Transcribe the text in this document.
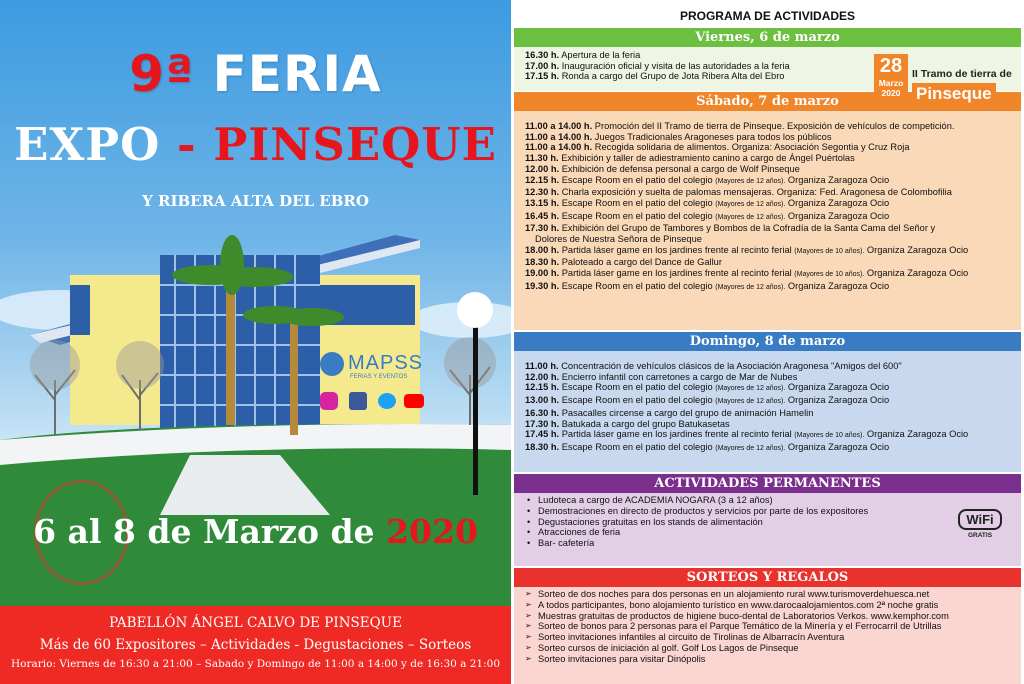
9ª FERIA
EXPO - PINSEQUE
Y RIBERA ALTA DEL EBRO
MAPSS
FERIAS Y EVENTOS
6 al 8 de Marzo de 2020
PABELLÓN ÁNGEL CALVO DE PINSEQUE
Más de 60 Expositores – Actividades - Degustaciones – Sorteos
Horario: Viernes de 16:30 a 21:00 – Sabado y Domingo de 11:00 a 14:00 y de 16:30 a 21:00
PROGRAMA DE ACTIVIDADES
Viernes, 6 de marzo
16.30 h. Apertura de la feria
17.00 h. Inauguración oficial y visita de las autoridades a la feria
17.15 h. Ronda a cargo del Grupo de Jota Ribera Alta del Ebro
Sábado, 7 de marzo
11.00 a 14.00 h. Promoción del II Tramo de tierra de Pinseque. Exposición de vehículos de competición.
11.00 a 14.00 h. Juegos Tradicionales Aragoneses para todos los públicos
11.00 a 14.00 h. Recogida solidaria de alimentos. Organiza: Asociación Segontia y Cruz Roja
11.30 h. Exhibición y taller de adiestramiento canino a cargo de Ángel Puértolas
12.00 h. Exhibición de defensa personal a cargo de Wolf Pinseque
12.15 h. Escape Room en el patio del colegio (Mayores de 12 años). Organiza Zaragoza Ocio
12.30 h. Charla exposición y suelta de palomas mensajeras. Organiza: Fed. Aragonesa de Colombofilia
13.15 h. Escape Room en el patio del colegio (Mayores de 12 años). Organiza Zaragoza Ocio
16.45 h. Escape Room en el patio del colegio (Mayores de 12 años). Organiza Zaragoza Ocio
17.30 h. Exhibición del Grupo de Tambores y Bombos de la Cofradía de la Santa Cama del Señor y
Dolores de Nuestra Señora de Pinseque
18.00 h. Partida láser game en los jardines frente al recinto ferial (Mayores de 10 años). Organiza Zaragoza Ocio
18.30 h. Paloteado a cargo del Dance de Gallur
19.00 h. Partida láser game en los jardines frente al recinto ferial (Mayores de 10 años). Organiza Zaragoza Ocio
19.30 h. Escape Room en el patio del colegio (Mayores de 12 años). Organiza Zaragoza Ocio
Domingo, 8 de marzo
11.00 h. Concentración de vehículos clásicos de la Asociación Aragonesa "Amigos del 600"
12.00 h. Encierro infantil con carretones a cargo de Mar de Nubes
12.15 h. Escape Room en el patio del colegio (Mayores de 12 años). Organiza Zaragoza Ocio
13.00 h. Escape Room en el patio del colegio (Mayores de 12 años). Organiza Zaragoza Ocio
16.30 h. Pasacalles circense a cargo del grupo de animación Hamelin
17.30 h. Batukada a cargo del grupo Batukasetas
17.45 h. Partida láser game en los jardines frente al recinto ferial (Mayores de 10 años). Organiza Zaragoza Ocio
18.30 h. Escape Room en el patio del colegio (Mayores de 12 años). Organiza Zaragoza Ocio
ACTIVIDADES PERMANENTES
• Ludoteca a cargo de ACADEMIA NOGARA (3 a 12 años)
• Demostraciones en directo de productos y servicios por parte de los expositores
• Degustaciones gratuitas en los stands de alimentación
• Atracciones de feria
• Bar- cafetería
SORTEOS Y REGALOS
➢ Sorteo de dos noches para dos personas en un alojamiento rural www.turismoverdehuesca.net
➢ A todos participantes, bono alojamiento turístico en www.darocaalojamientos.com 2ª noche gratis
➢ Muestras gratuitas de productos de higiene buco-dental de Laboratorios Verkos. www.kemphor.com
➢ Sorteo de bonos para 2 personas para el Parque Temático de la Minería y el Ferrocarril de Utrillas
➢ Sorteo invitaciones infantiles al circuito de Tirolinas de Albarracín Aventura
➢ Sorteo cursos de iniciación al golf. Golf Los Lagos de Pinseque
➢ Sorteo invitaciones para visitar Dinópolis
28
Marzo
2020
II Tramo de tierra de
Pinseque
WiFi
GRATIS
